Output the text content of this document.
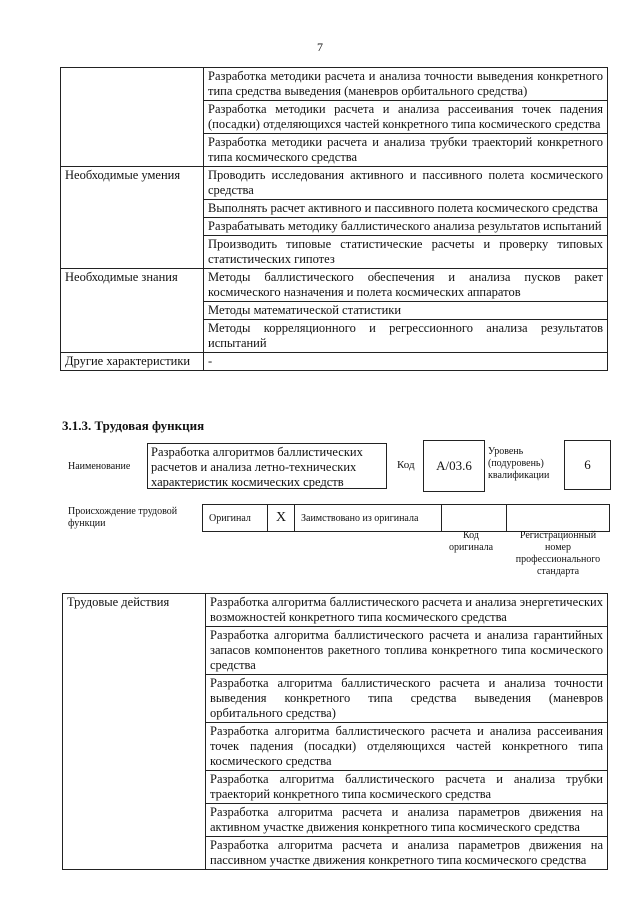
7
	Разработка методики расчета и анализа точности выведения конкретного типа средства выведения (маневров орбитального средства)
	Разработка методики расчета и анализа рассеивания точек падения (посадки) отделяющихся частей конкретного типа космического средства
	Разработка методики расчета и анализа трубки траекторий конкретного типа космического средства
Необходимые умения	Проводить исследования активного и пассивного полета космического средства
	Выполнять расчет активного и пассивного полета космического средства
	Разрабатывать методику баллистического анализа результатов испытаний
	Производить типовые статистические расчеты и проверку типовых статистических гипотез
Необходимые знания	Методы баллистического обеспечения и анализа пусков ракет космического назначения и полета космических аппаратов
	Методы математической статистики
	Методы корреляционного и регрессионного анализа результатов испытаний
Другие характеристики	-
3.1.3. Трудовая функция
Наименование
Разработка алгоритмов баллистических расчетов и анализа летно-технических характеристик космических средств
Код	А/03.6
Уровень (подуровень) квалификации
6
Происхождение трудовой функции	Оригинал	X	Заимствовано из оригинала		
Код оригинала
Регистрационный номер профессионального стандарта
Трудовые действия	Разработка алгоритма баллистического расчета и анализа энергетических возможностей конкретного типа космического средства
Разработка алгоритма баллистического расчета и анализа гарантийных запасов компонентов ракетного топлива конкретного типа космического средства
Разработка алгоритма баллистического расчета и анализа точности выведения конкретного типа средства выведения (маневров орбитального средства)
Разработка алгоритма баллистического расчета и анализа рассеивания точек падения (посадки) отделяющихся частей конкретного типа космического средства
Разработка алгоритма баллистического расчета и анализа трубки траекторий конкретного типа космического средства
Разработка алгоритма расчета и анализа параметров движения на активном участке движения конкретного типа космического средства
Разработка алгоритма расчета и анализа параметров движения на пассивном участке движения конкретного типа космического средства
